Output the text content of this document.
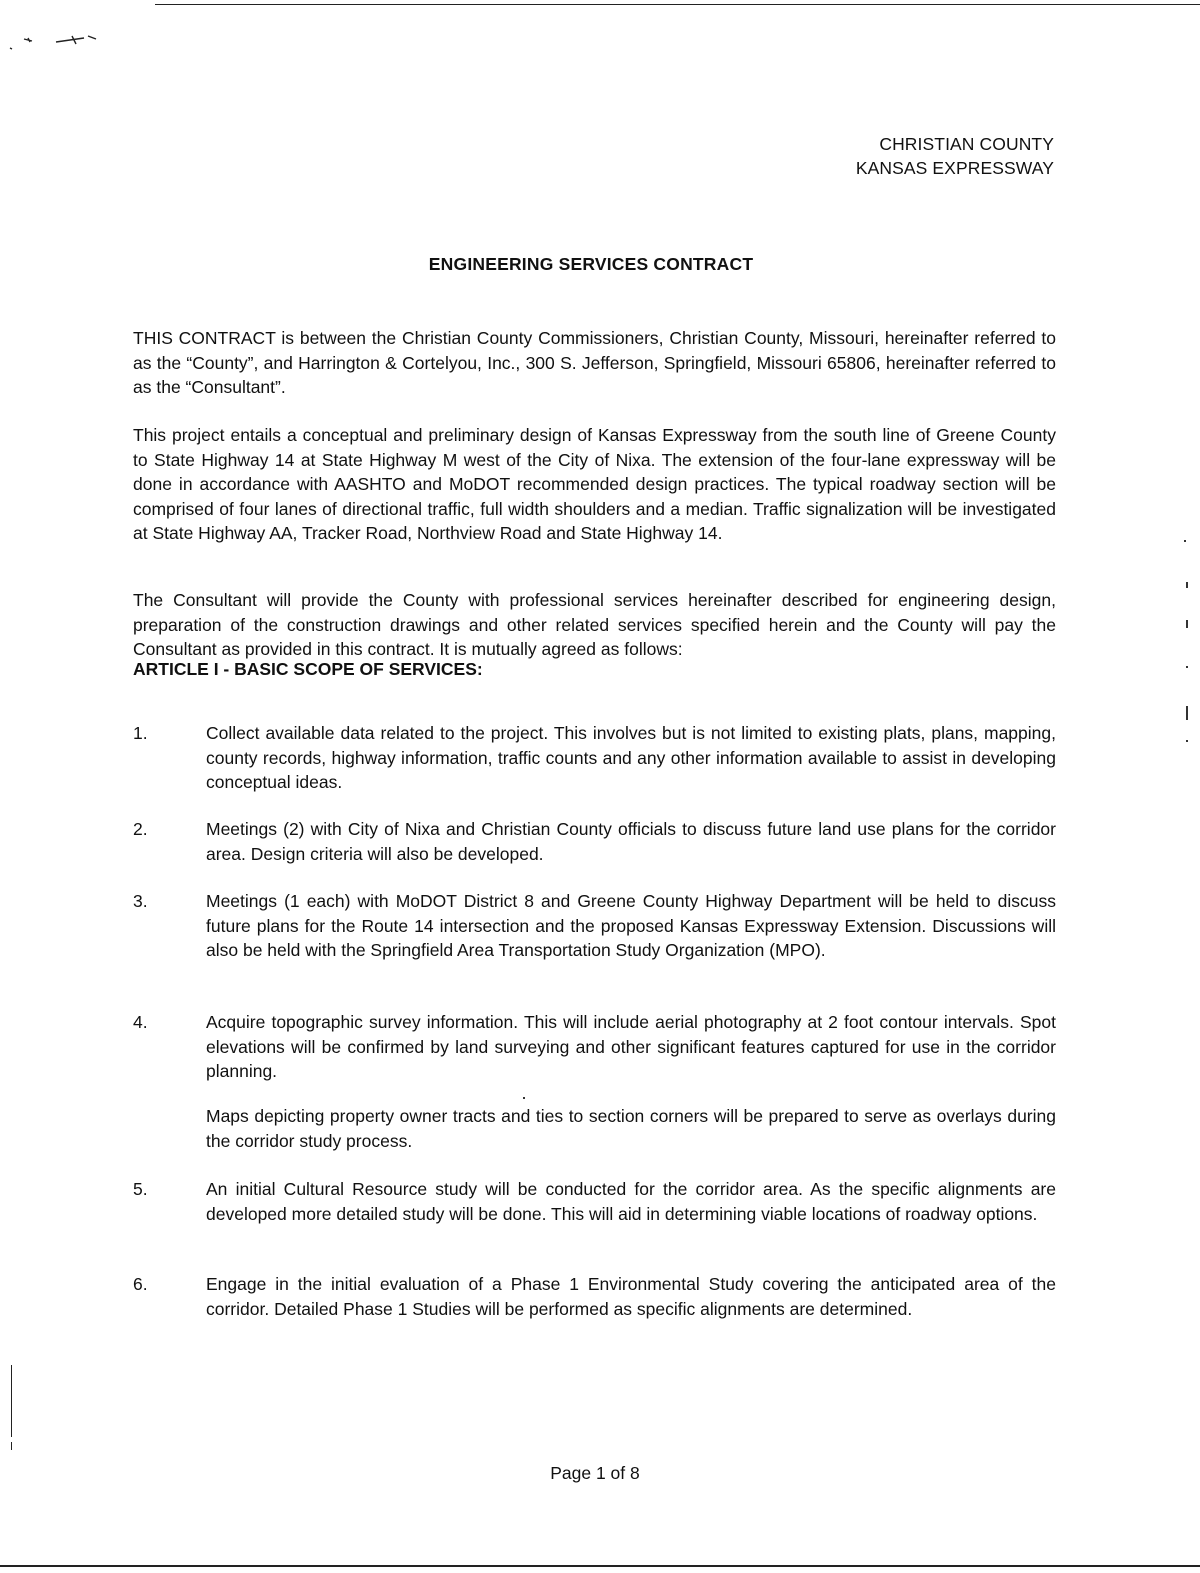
CHRISTIAN COUNTY
KANSAS EXPRESSWAY
ENGINEERING SERVICES CONTRACT

THIS CONTRACT is between the Christian County Commissioners, Christian County, Missouri, hereinafter referred to as the “County”, and Harrington & Cortelyou, Inc., 300 S. Jefferson, Springfield, Missouri 65806, hereinafter referred to as the “Consultant”.

This project entails a conceptual and preliminary design of Kansas Expressway from the south line of Greene County to State Highway 14 at State Highway M west of the City of Nixa. The extension of the four-lane expressway will be done in accordance with AASHTO and MoDOT recommended design practices. The typical roadway section will be comprised of four lanes of directional traffic, full width shoulders and a median. Traffic signalization will be investigated at State Highway AA, Tracker Road, Northview Road and State Highway 14.

The Consultant will provide the County with professional services hereinafter described for engineering design, preparation of the construction drawings and other related services specified herein and the County will pay the Consultant as provided in this contract. It is mutually agreed as follows:

ARTICLE I - BASIC SCOPE OF SERVICES:
1.	Collect available data related to the project. This involves but is not limited to existing plats, plans, mapping, county records, highway information, traffic counts and any other information available to assist in developing conceptual ideas.
2.	Meetings (2) with City of Nixa and Christian County officials to discuss future land use plans for the corridor area. Design criteria will also be developed.
3.	Meetings (1 each) with MoDOT District 8 and Greene County Highway Department will be held to discuss future plans for the Route 14 intersection and the proposed Kansas Expressway Extension. Discussions will also be held with the Springfield Area Transportation Study Organization (MPO).
4.	Acquire topographic survey information. This will include aerial photography at 2 foot contour intervals. Spot elevations will be confirmed by land surveying and other significant features captured for use in the corridor planning.

Maps depicting property owner tracts and ties to section corners will be prepared to serve as overlays during the corridor study process.

5.	An initial Cultural Resource study will be conducted for the corridor area. As the specific alignments are developed more detailed study will be done. This will aid in determining viable locations of roadway options.
6.	Engage in the initial evaluation of a Phase 1 Environmental Study covering the anticipated area of the corridor. Detailed Phase 1 Studies will be performed as specific alignments are determined.
Page 1 of 8
